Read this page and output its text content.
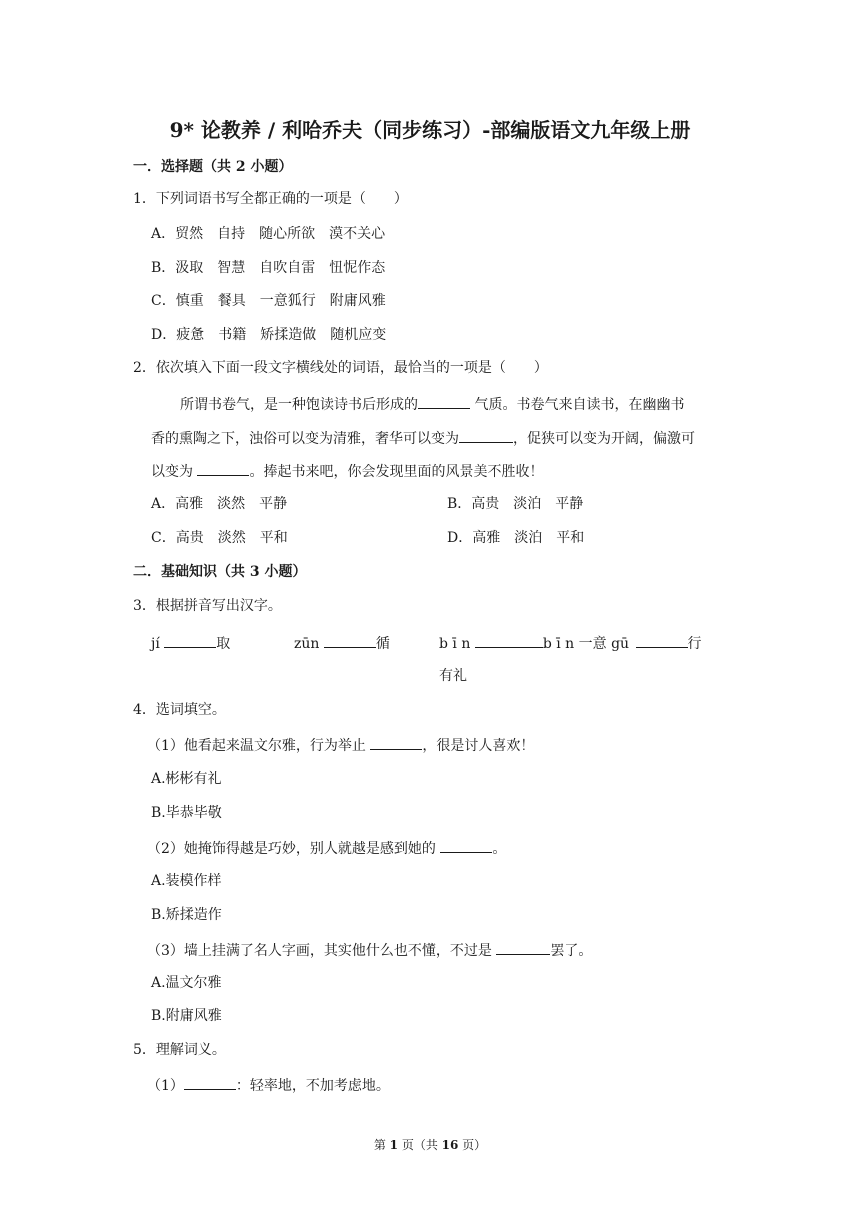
9* 论教养 / 利哈乔夫（同步练习）-部编版语文九年级上册
一．选择题（共 2 小题）
1．下列词语书写全都正确的一项是（　　）
A．贸然　自持　随心所欲　漠不关心
B．汲取　智慧　自吹自雷　忸怩作态
C．慎重　餐具　一意狐行　附庸风雅
D．疲惫　书籍　矫揉造做　随机应变
2．依次填入下面一段文字横线处的词语，最恰当的一项是（　　）
所谓书卷气，是一种饱读诗书后形成的	气质。书卷气来自读书，在幽幽书
香的熏陶之下，浊俗可以变为清雅，奢华可以变为	，促狭可以变为开阔，偏激可
以变为	。捧起书来吧，你会发现里面的风景美不胜收！
A．高雅　淡然　平静	B．高贵　淡泊　平静
C．高贵　淡然　平和	D．高雅　淡泊　平和
二．基础知识（共 3 小题）
3．根据拼音写出汉字。
jí	取	zūn	循	b ī n	b ī n 一意 gū	行
有礼
4．选词填空。
（1）他看起来温文尔雅，行为举止	，很是讨人喜欢！
A.彬彬有礼
B.毕恭毕敬
（2）她掩饰得越是巧妙，别人就越是感到她的	。
A.装模作样
B.矫揉造作
（3）墙上挂满了名人字画，其实他什么也不懂，不过是	罢了。
A.温文尔雅
B.附庸风雅
5．理解词义。
（1）	：轻率地，不加考虑地。
第 1 页（共 16 页）
